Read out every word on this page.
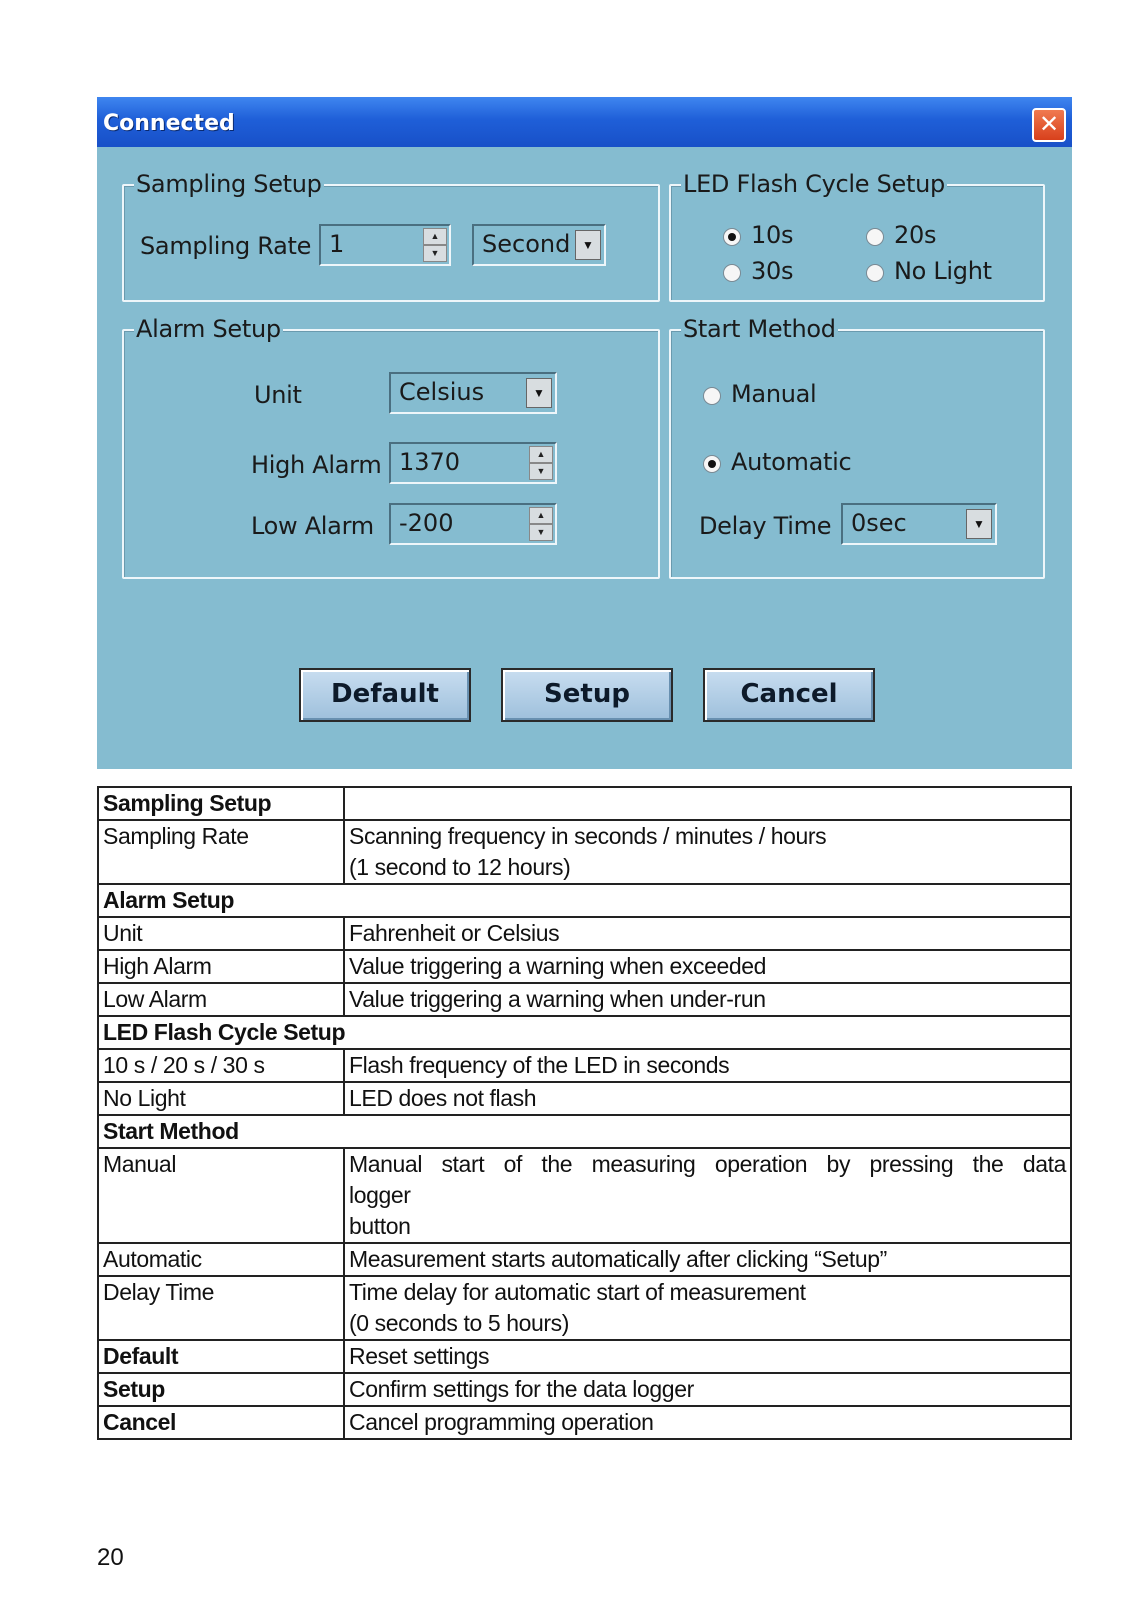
Connected	✕
Sampling Setup
Sampling Rate 1	▲
▼	Second ▼
LED Flash Cycle Setup
10s	20s
30s	No Light
Alarm Setup
Unit	Celsius	▼
High Alarm 1370	▲
▼
Low Alarm -200	▲
▼
Start Method
Manual
Automatic
Delay Time 0sec	▼
Default	Setup	Cancel
Sampling Setup	
Sampling Rate	Scanning frequency in seconds / minutes / hours
(1 second to 12 hours)

Alarm Setup	
Unit	Fahrenheit or Celsius
High Alarm	Value triggering a warning when exceeded
Low Alarm	Value triggering a warning when under-run
LED Flash Cycle Setup	
10 s / 20 s / 30 s	Flash frequency of the LED in seconds
No Light	LED does not flash
Start Method	
Manual	Manual start of the measuring operation by pressing the data logger
button

Automatic	Measurement starts automatically after clicking “Setup”
Delay Time	Time delay for automatic start of measurement
(0 seconds to 5 hours)

Default	Reset settings
Setup	Confirm settings for the data logger
Cancel	Cancel programming operation
20
